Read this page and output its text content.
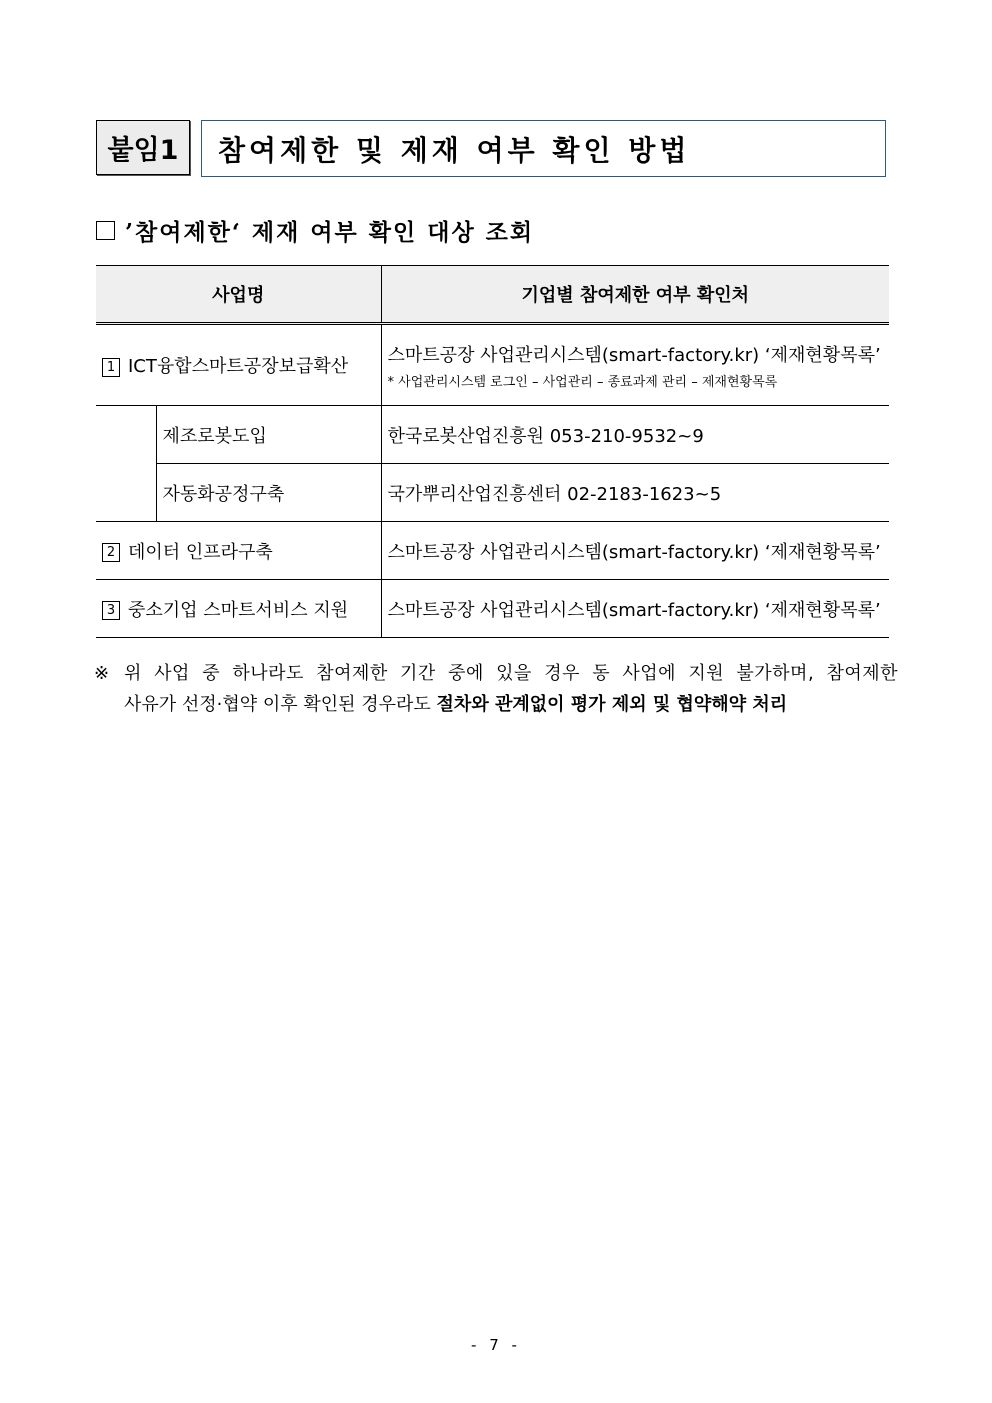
붙임1	참여제한 및 제재 여부 확인 방법
’참여제한‘ 제재 여부 확인 대상 조회
사업명		기업별 참여제한 여부 확인처
1 ICT융합스마트공장보급확산		스마트공장 사업관리시스템(smart-factory.kr) ‘제재현황목록’
* 사업관리시스템 로그인 – 사업관리 – 종료과제 관리 – 제재현황목록

	제조로봇도입	한국로봇산업진흥원 053-210-9532~9
	자동화공정구축	국가뿌리산업진흥센터 02-2183-1623~5
2 데이터 인프라구축		스마트공장 사업관리시스템(smart-factory.kr) ‘제재현황목록’
3 중소기업 스마트서비스 지원		스마트공장 사업관리시스템(smart-factory.kr) ‘제재현황목록’
※ 위 사업 중 하나라도 참여제한 기간 중에 있을 경우 동 사업에 지원 불가하며, 참여제한
사유가 선정·협약 이후 확인된 경우라도 절차와 관계없이 평가 제외 및 협약해약 처리
- 7 -
